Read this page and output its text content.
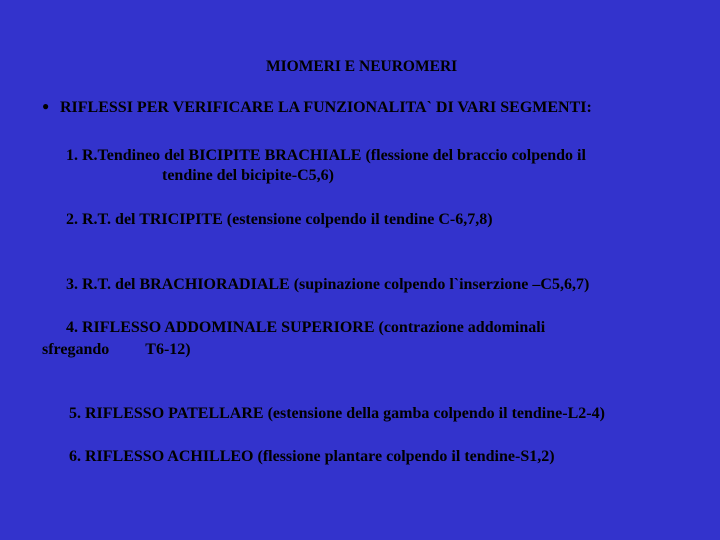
MIOMERI E NEUROMERI
● RIFLESSI PER VERIFICARE LA FUNZIONALITA` DI VARI SEGMENTI:
1. R.Tendineo del BICIPITE BRACHIALE (flessione del braccio colpendo il
tendine del bicipite-C5,6)
2. R.T. del TRICIPITE (estensione colpendo il tendine C-6,7,8)
3. R.T. del BRACHIORADIALE (supinazione colpendo l`inserzione –C5,6,7)
4. RIFLESSO ADDOMINALE SUPERIORE (contrazione addominali
sfregando T6-12)
5. RIFLESSO PATELLARE (estensione della gamba colpendo il tendine-L2-4)
6. RIFLESSO ACHILLEO (flessione plantare colpendo il tendine-S1,2)
